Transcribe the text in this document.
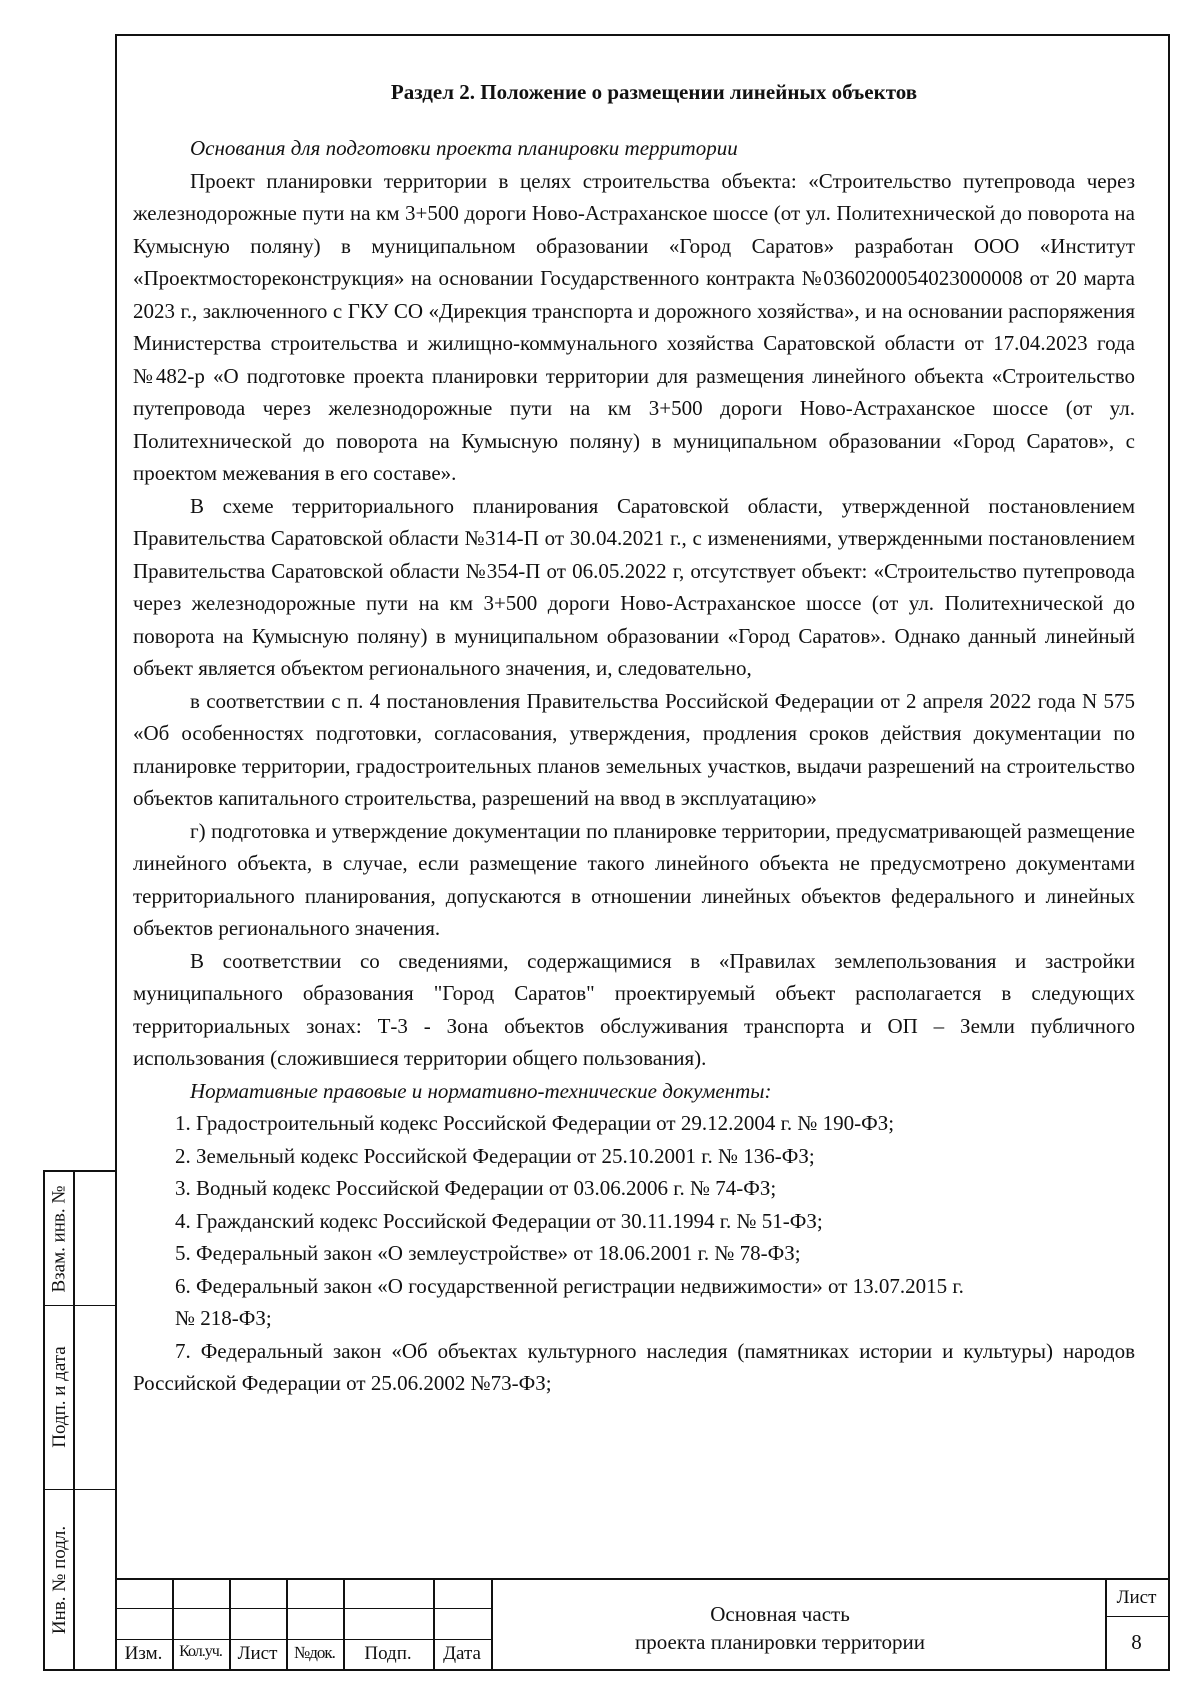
Раздел 2. Положение о размещении линейных объектов

Основания для подготовки проекта планировки территории

Проект планировки территории в целях строительства объекта: «Строительство путепровода через железнодорожные пути на км 3+500 дороги Ново-Астраханское шоссе (от ул. Политехнической до поворота на Кумысную поляну) в муниципальном образовании «Город Саратов» разработан ООО «Институт «Проектмостореконструкция» на основании Государственного контракта №0360200054023000008 от 20 марта 2023 г., заключенного с ГКУ СО «Дирекция транспорта и дорожного хозяйства», и на основании распоряжения Министерства строительства и жилищно-коммунального хозяйства Саратовской области от 17.04.2023 года №482-р «О подготовке проекта планировки территории для размещения линейного объекта «Строительство путепровода через железнодорожные пути на км 3+500 дороги Ново-Астраханское шоссе (от ул. Политехнической до поворота на Кумысную поляну) в муниципальном образовании «Город Саратов», с проектом межевания в его составе».

В схеме территориального планирования Саратовской области, утвержденной постановлением Правительства Саратовской области №314-П от 30.04.2021 г., с изменениями, утвержденными постановлением Правительства Саратовской области №354-П от 06.05.2022 г, отсутствует объект: «Строительство путепровода через железнодорожные пути на км 3+500 дороги Ново-Астраханское шоссе (от ул. Политехнической до поворота на Кумысную поляну) в муниципальном образовании «Город Саратов». Однако данный линейный объект является объектом регионального значения, и, следовательно,

в соответствии с п. 4 постановления Правительства Российской Федерации от 2 апреля 2022 года N 575 «Об особенностях подготовки, согласования, утверждения, продления сроков действия документации по планировке территории, градостроительных планов земельных участков, выдачи разрешений на строительство объектов капитального строительства, разрешений на ввод в эксплуатацию»

г) подготовка и утверждение документации по планировке территории, предусматривающей размещение линейного объекта, в случае, если размещение такого линейного объекта не предусмотрено документами территориального планирования, допускаются в отношении линейных объектов федерального и линейных объектов регионального значения.

В соответствии со сведениями, содержащимися в «Правилах землепользования и застройки муниципального образования "Город Саратов" проектируемый объект располагается в следующих территориальных зонах: Т-3 - Зона объектов обслуживания транспорта и ОП – Земли публичного использования (сложившиеся территории общего пользования).

Нормативные правовые и нормативно-технические документы:

1. Градостроительный кодекс Российской Федерации от 29.12.2004 г. № 190-ФЗ;

2. Земельный кодекс Российской Федерации от 25.10.2001 г. № 136-ФЗ;

3. Водный кодекс Российской Федерации от 03.06.2006 г. № 74-ФЗ;

4. Гражданский кодекс Российской Федерации от 30.11.1994 г. № 51-ФЗ;

5. Федеральный закон «О землеустройстве» от 18.06.2001 г. № 78-ФЗ;

6. Федеральный закон «О государственной регистрации недвижимости» от 13.07.2015 г.

№ 218-ФЗ;

7. Федеральный закон «Об объектах культурного наследия (памятниках истории и культуры) народов Российской Федерации от 25.06.2002 №73-ФЗ;

Взам. инв. №
Подп. и дата
Инв. № подл.
Изм.	Кол.уч. Лист №док.	Подп.	Дата
Основная часть
проекта планировки территории
Лист
8
